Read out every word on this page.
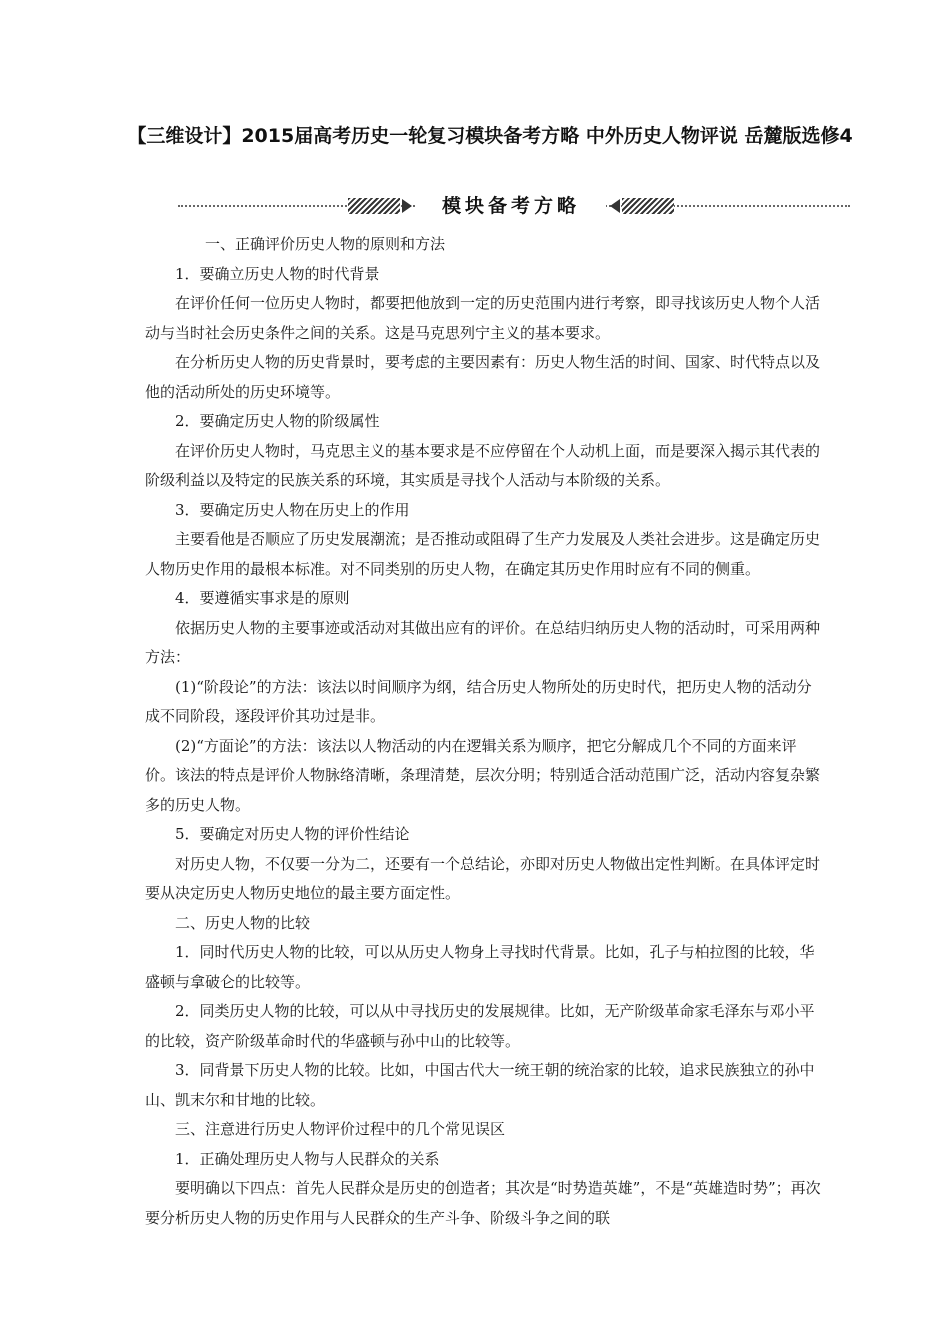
【三维设计】2015届高考历史一轮复习模块备考方略 中外历史人物评说 岳麓版选修4
模块备考方略

一、正确评价历史人物的原则和方法

1．要确立历史人物的时代背景

在评价任何一位历史人物时，都要把他放到一定的历史范围内进行考察，即寻找该历史人物个人活动与当时社会历史条件之间的关系。这是马克思列宁主义的基本要求。

在分析历史人物的历史背景时，要考虑的主要因素有：历史人物生活的时间、国家、时代特点以及他的活动所处的历史环境等。

2．要确定历史人物的阶级属性

在评价历史人物时，马克思主义的基本要求是不应停留在个人动机上面，而是要深入揭示其代表的阶级利益以及特定的民族关系的环境，其实质是寻找个人活动与本阶级的关系。

3．要确定历史人物在历史上的作用

主要看他是否顺应了历史发展潮流；是否推动或阻碍了生产力发展及人类社会进步。这是确定历史人物历史作用的最根本标准。对不同类别的历史人物，在确定其历史作用时应有不同的侧重。

4．要遵循实事求是的原则

依据历史人物的主要事迹或活动对其做出应有的评价。在总结归纳历史人物的活动时，可采用两种方法：

(1)“阶段论”的方法：该法以时间顺序为纲，结合历史人物所处的历史时代，把历史人物的活动分成不同阶段，逐段评价其功过是非。

(2)“方面论”的方法：该法以人物活动的内在逻辑关系为顺序，把它分解成几个不同的方面来评价。该法的特点是评价人物脉络清晰，条理清楚，层次分明；特别适合活动范围广泛，活动内容复杂繁多的历史人物。

5．要确定对历史人物的评价性结论

对历史人物，不仅要一分为二，还要有一个总结论，亦即对历史人物做出定性判断。在具体评定时要从决定历史人物历史地位的最主要方面定性。

二、历史人物的比较

1．同时代历史人物的比较，可以从历史人物身上寻找时代背景。比如，孔子与柏拉图的比较，华盛顿与拿破仑的比较等。

2．同类历史人物的比较，可以从中寻找历史的发展规律。比如，无产阶级革命家毛泽东与邓小平的比较，资产阶级革命时代的华盛顿与孙中山的比较等。

3．同背景下历史人物的比较。比如，中国古代大一统王朝的统治家的比较，追求民族独立的孙中山、凯末尔和甘地的比较。

三、注意进行历史人物评价过程中的几个常见误区

1．正确处理历史人物与人民群众的关系

要明确以下四点：首先人民群众是历史的创造者；其次是“时势造英雄”，不是“英雄造时势”；再次要分析历史人物的历史作用与人民群众的生产斗争、阶级斗争之间的联
